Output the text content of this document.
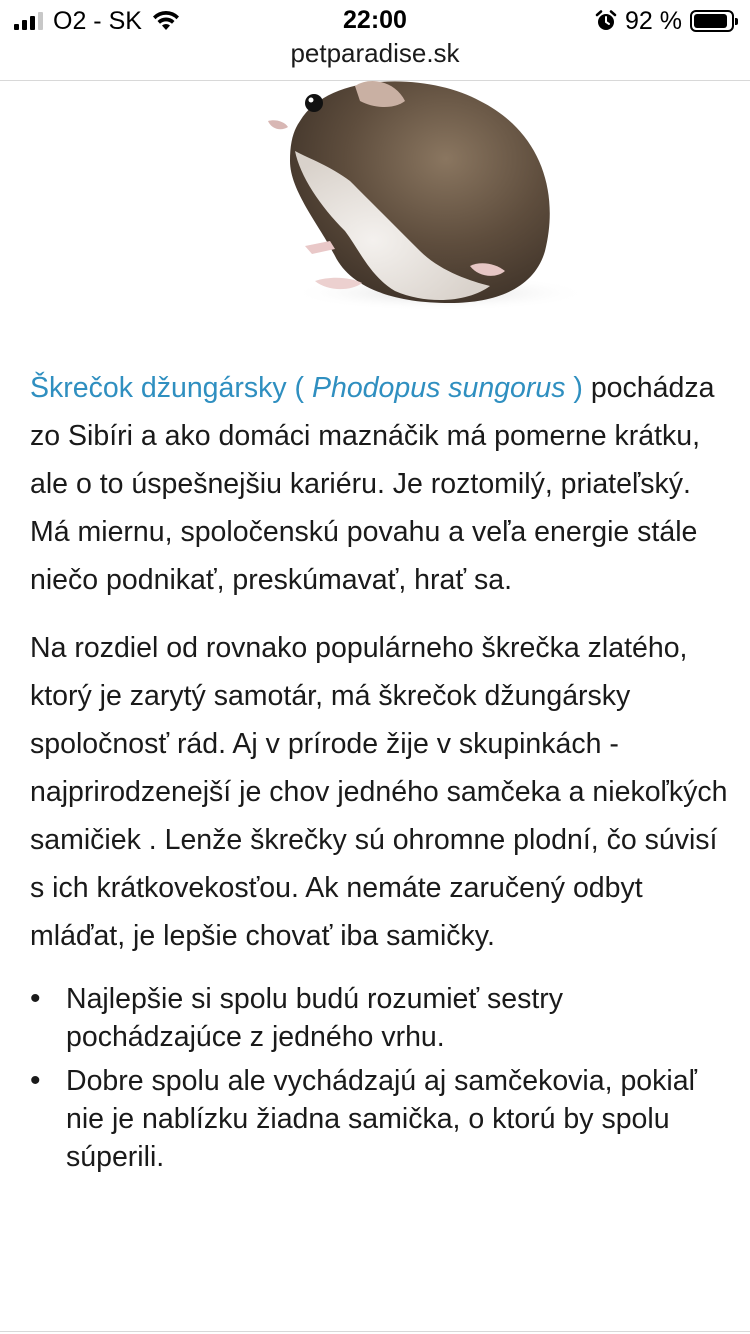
O2 - SK	22:00	92 %
petparadise.sk

Škrečok džungársky ( Phodopus sungorus ) pochádza zo Sibíri a ako domáci maznáčik má pomerne krátku, ale o to úspešnejšiu kariéru. Je roztomilý, priateľský. Má miernu, spoločenskú povahu a veľa energie stále niečo podnikať, preskúmavať, hrať sa.

Na rozdiel od rovnako populárneho škrečka zlatého, ktorý je zarytý samotár, má škrečok džungársky spoločnosť rád. Aj v prírode žije v skupinkách - najprirodzenejší je chov jedného samčeka a niekoľkých samičiek . Lenže škrečky sú ohromne plodní, čo súvisí s ich krátkovekosťou. Ak nemáte zaručený odbyt mláďat, je lepšie chovať iba samičky.

• Najlepšie si spolu budú rozumieť sestry pochádzajúce z jedného vrhu.
• Dobre spolu ale vychádzajú aj samčekovia, pokiaľ nie je nablízku žiadna samička, o ktorú by spolu súperili.
